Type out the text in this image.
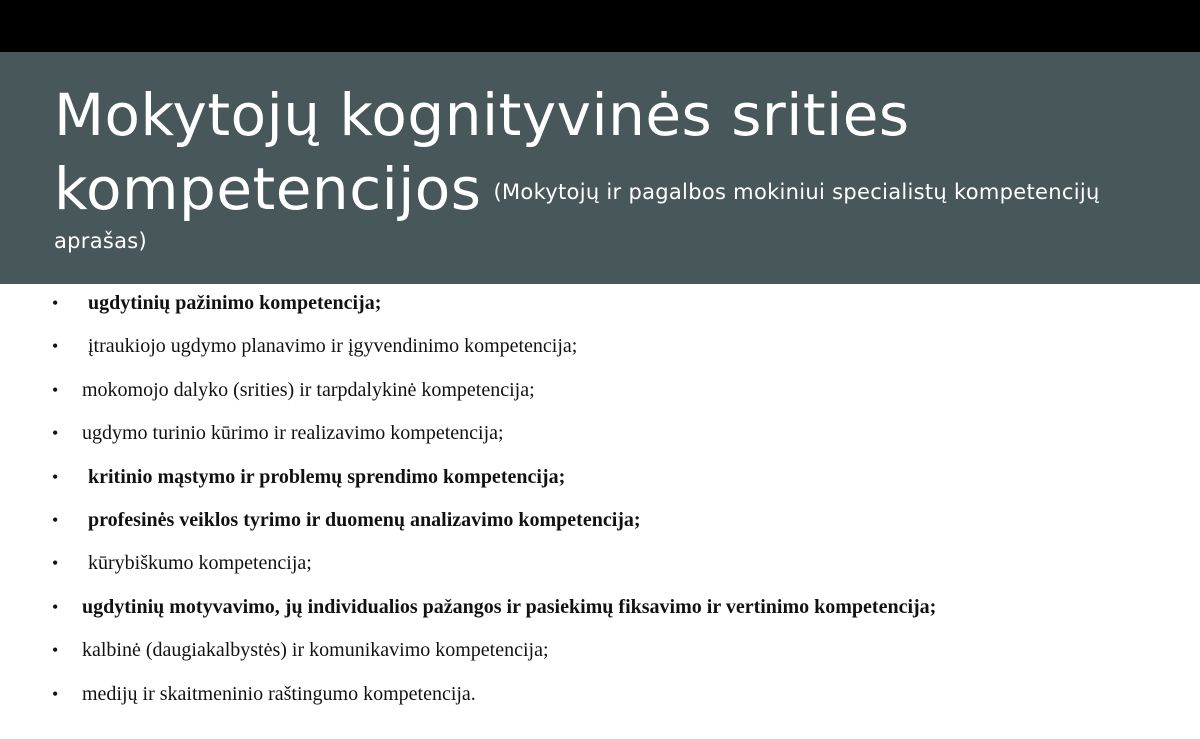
Mokytojų kognityvinės srities
kompetencijos (Mokytojų ir pagalbos mokiniui specialistų kompetencijų
aprašas)
• ugdytinių pažinimo kompetencija;
• įtraukiojo ugdymo planavimo ir įgyvendinimo kompetencija;
• mokomojo dalyko (srities) ir tarpdalykinė kompetencija;
• ugdymo turinio kūrimo ir realizavimo kompetencija;
• kritinio mąstymo ir problemų sprendimo kompetencija;
• profesinės veiklos tyrimo ir duomenų analizavimo kompetencija;
• kūrybiškumo kompetencija;
• ugdytinių motyvavimo, jų individualios pažangos ir pasiekimų fiksavimo ir vertinimo kompetencija;
• kalbinė (daugiakalbystės) ir komunikavimo kompetencija;
• medijų ir skaitmeninio raštingumo kompetencija.
